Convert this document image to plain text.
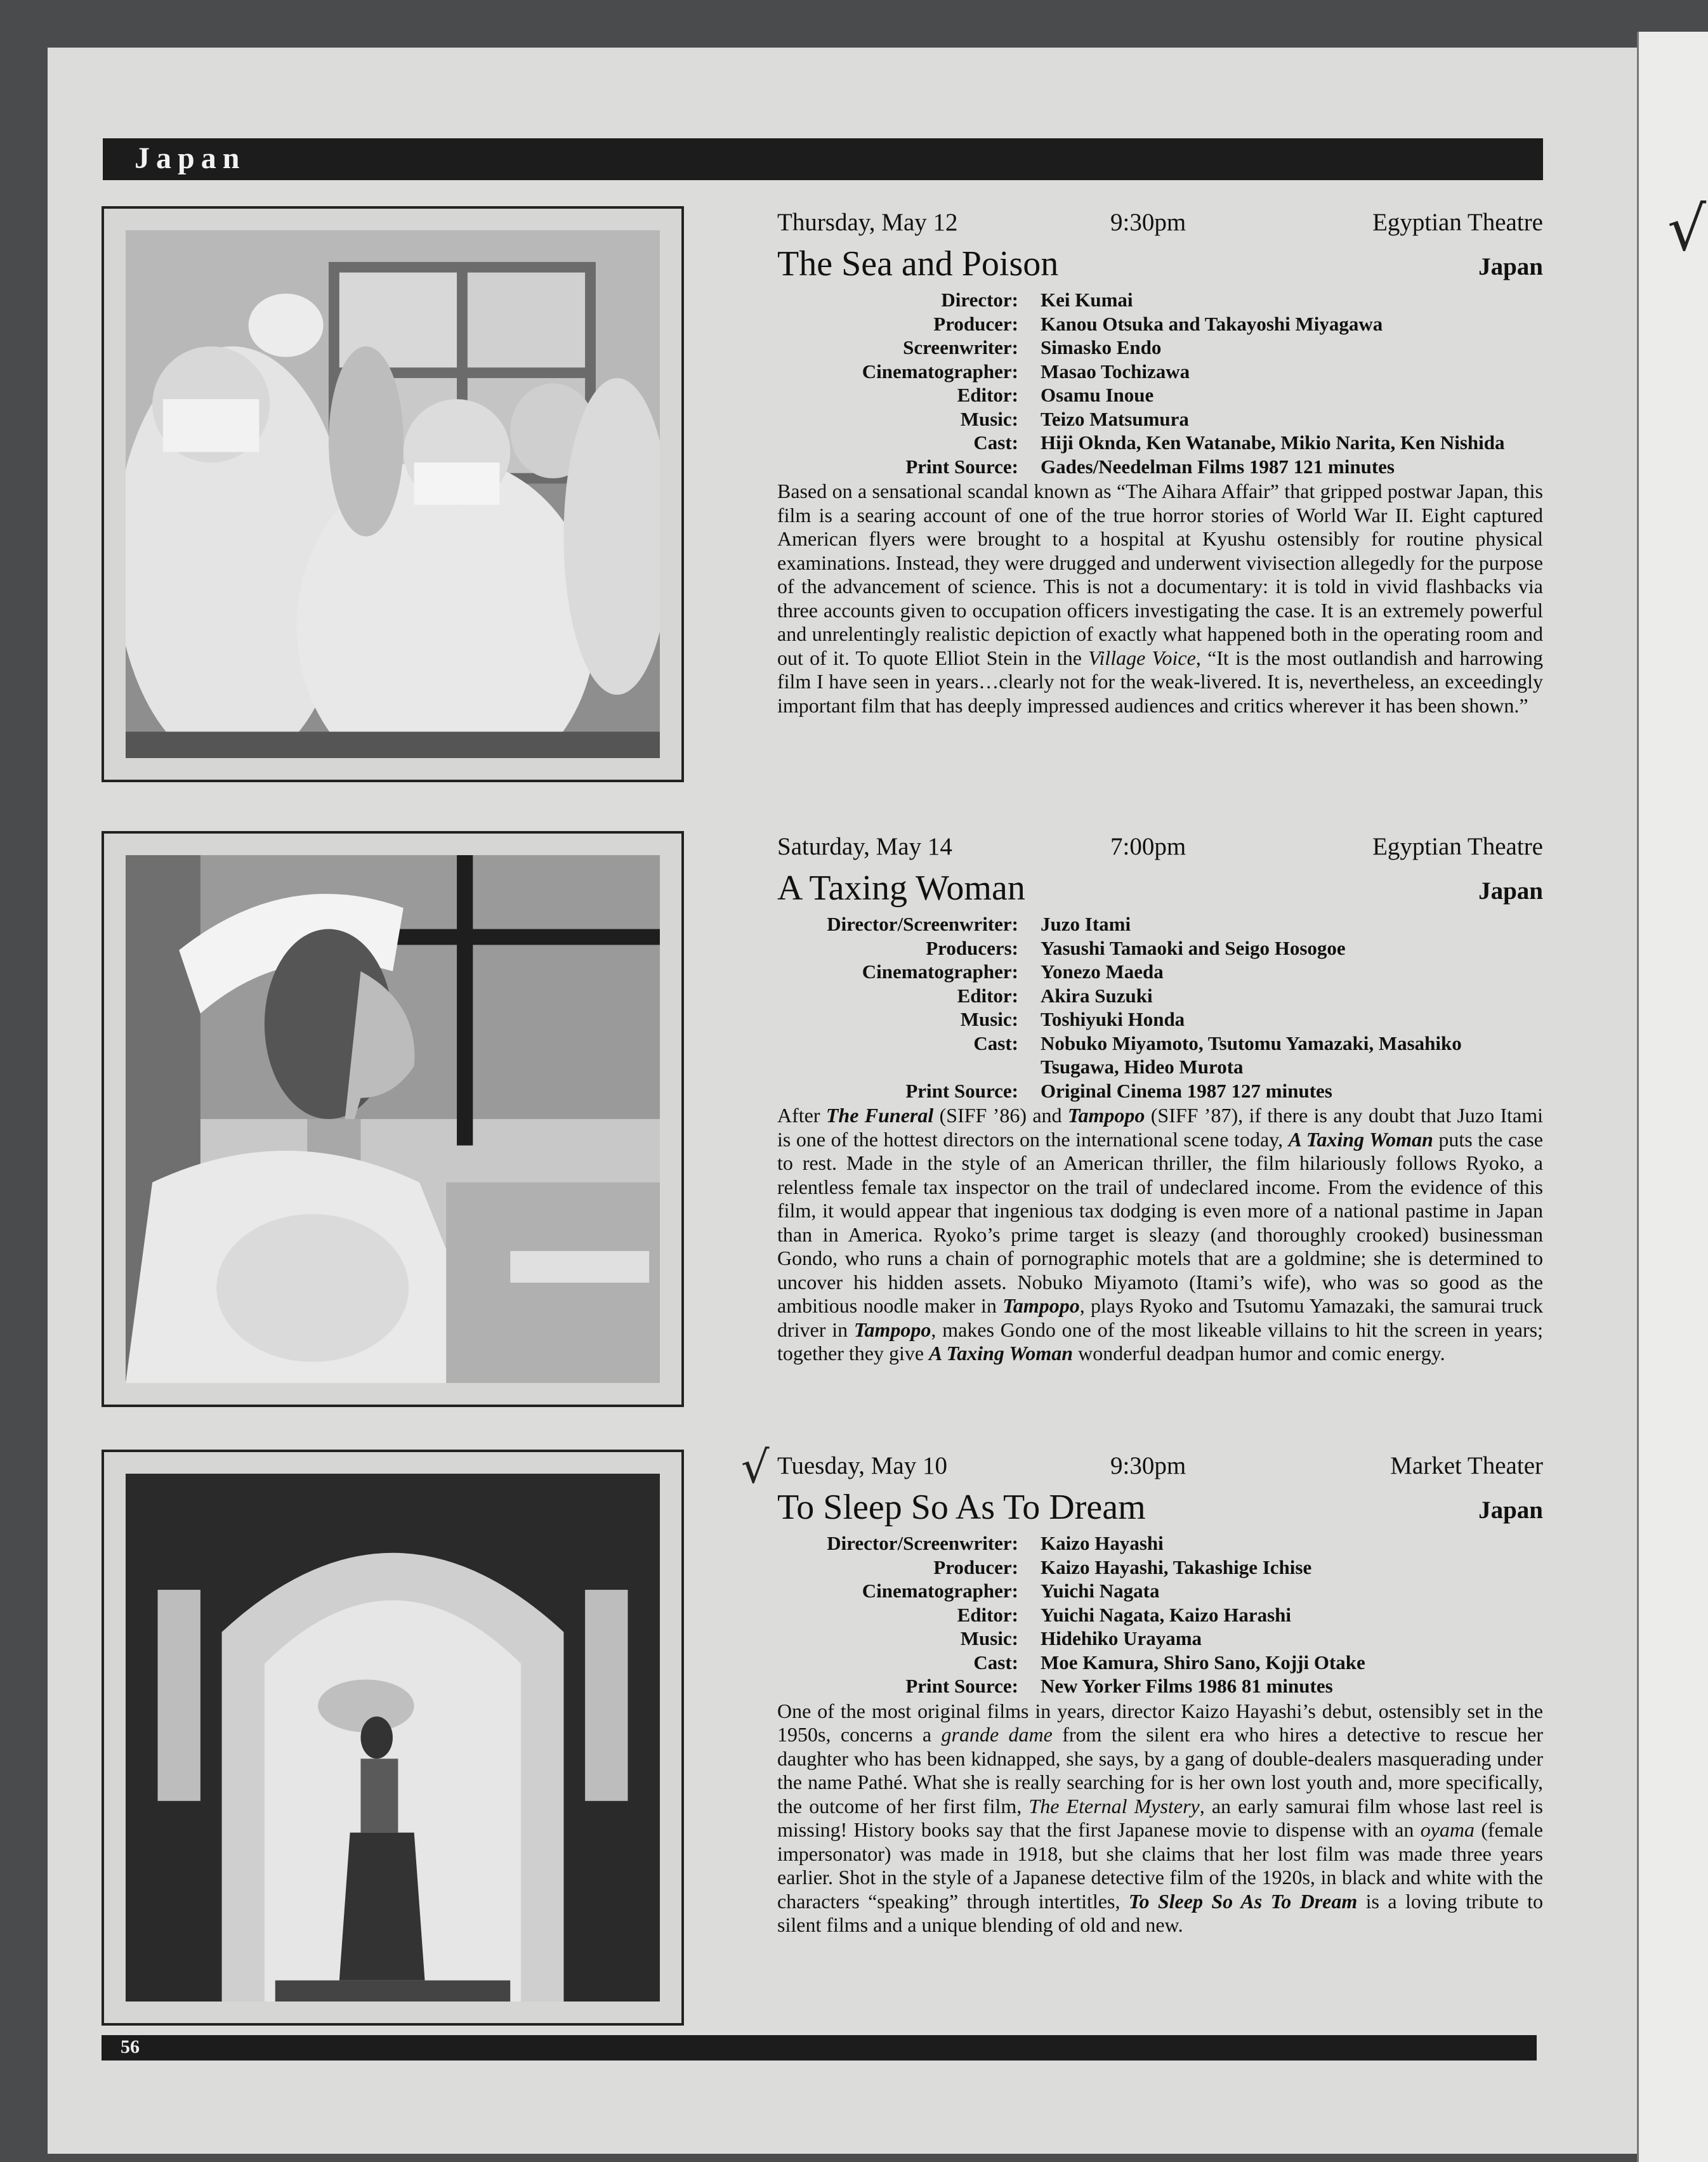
√
Japan
Thursday, May 12	9:30pm	Egyptian Theatre
The Sea and Poison	Japan
Director: Kei Kumai
Producer: Kanou Otsuka and Takayoshi Miyagawa
Screenwriter: Simasko Endo
Cinematographer: Masao Tochizawa
Editor: Osamu Inoue
Music: Teizo Matsumura
Cast: Hiji Oknda, Ken Watanabe, Mikio Narita, Ken Nishida
Print Source: Gades/Needelman Films 1987 121 minutes
Based on a sensational scandal known as “The Aihara Affair” that gripped postwar Japan, this film is a searing account of one of the true horror stories of World War II. Eight captured American flyers were brought to a hospital at Kyushu ostensibly for routine physical examinations. Instead, they were drugged and underwent vivisection allegedly for the purpose of the advancement of science. This is not a documentary: it is told in vivid flashbacks via three accounts given to occupation officers investigating the case. It is an extremely powerful and unrelentingly realistic depiction of exactly what happened both in the operating room and out of it. To quote Elliot Stein in the Village Voice, “It is the most outlandish and harrowing film I have seen in years…clearly not for the weak-livered. It is, nevertheless, an exceedingly important film that has deeply impressed audiences and critics wherever it has been shown.”
Saturday, May 14	7:00pm	Egyptian Theatre
A Taxing Woman	Japan
Director/Screenwriter: Juzo Itami
Producers: Yasushi Tamaoki and Seigo Hosogoe
Cinematographer: Yonezo Maeda
Editor: Akira Suzuki
Music: Toshiyuki Honda
Cast: Nobuko Miyamoto, Tsutomu Yamazaki, Masahiko Tsugawa, Hideo Murota
Print Source: Original Cinema 1987 127 minutes
After The Funeral (SIFF ’86) and Tampopo (SIFF ’87), if there is any doubt that Juzo Itami is one of the hottest directors on the international scene today, A Taxing Woman puts the case to rest. Made in the style of an American thriller, the film hilariously follows Ryoko, a relentless female tax inspector on the trail of undeclared income. From the evidence of this film, it would appear that ingenious tax dodging is even more of a national pastime in Japan than in America. Ryoko’s prime target is sleazy (and thoroughly crooked) businessman Gondo, who runs a chain of pornographic motels that are a goldmine; she is determined to uncover his hidden assets. Nobuko Miyamoto (Itami’s wife), who was so good as the ambitious noodle maker in Tampopo, plays Ryoko and Tsutomu Yamazaki, the samurai truck driver in Tampopo, makes Gondo one of the most likeable villains to hit the screen in years; together they give A Taxing Woman wonderful deadpan humor and comic energy.
√ Tuesday, May 10	9:30pm	Market Theater
To Sleep So As To Dream	Japan
Director/Screenwriter: Kaizo Hayashi
Producer: Kaizo Hayashi, Takashige Ichise
Cinematographer: Yuichi Nagata
Editor: Yuichi Nagata, Kaizo Harashi
Music: Hidehiko Urayama
Cast: Moe Kamura, Shiro Sano, Kojji Otake
Print Source: New Yorker Films 1986 81 minutes
One of the most original films in years, director Kaizo Hayashi’s debut, ostensibly set in the 1950s, concerns a grande dame from the silent era who hires a detective to rescue her daughter who has been kidnapped, she says, by a gang of double-dealers masquerading under the name Pathé. What she is really searching for is her own lost youth and, more specifically, the outcome of her first film, The Eternal Mystery, an early samurai film whose last reel is missing! History books say that the first Japanese movie to dispense with an oyama (female impersonator) was made in 1918, but she claims that her lost film was made three years earlier. Shot in the style of a Japanese detective film of the 1920s, in black and white with the characters “speaking” through intertitles, To Sleep So As To Dream is a loving tribute to silent films and a unique blending of old and new.
56
